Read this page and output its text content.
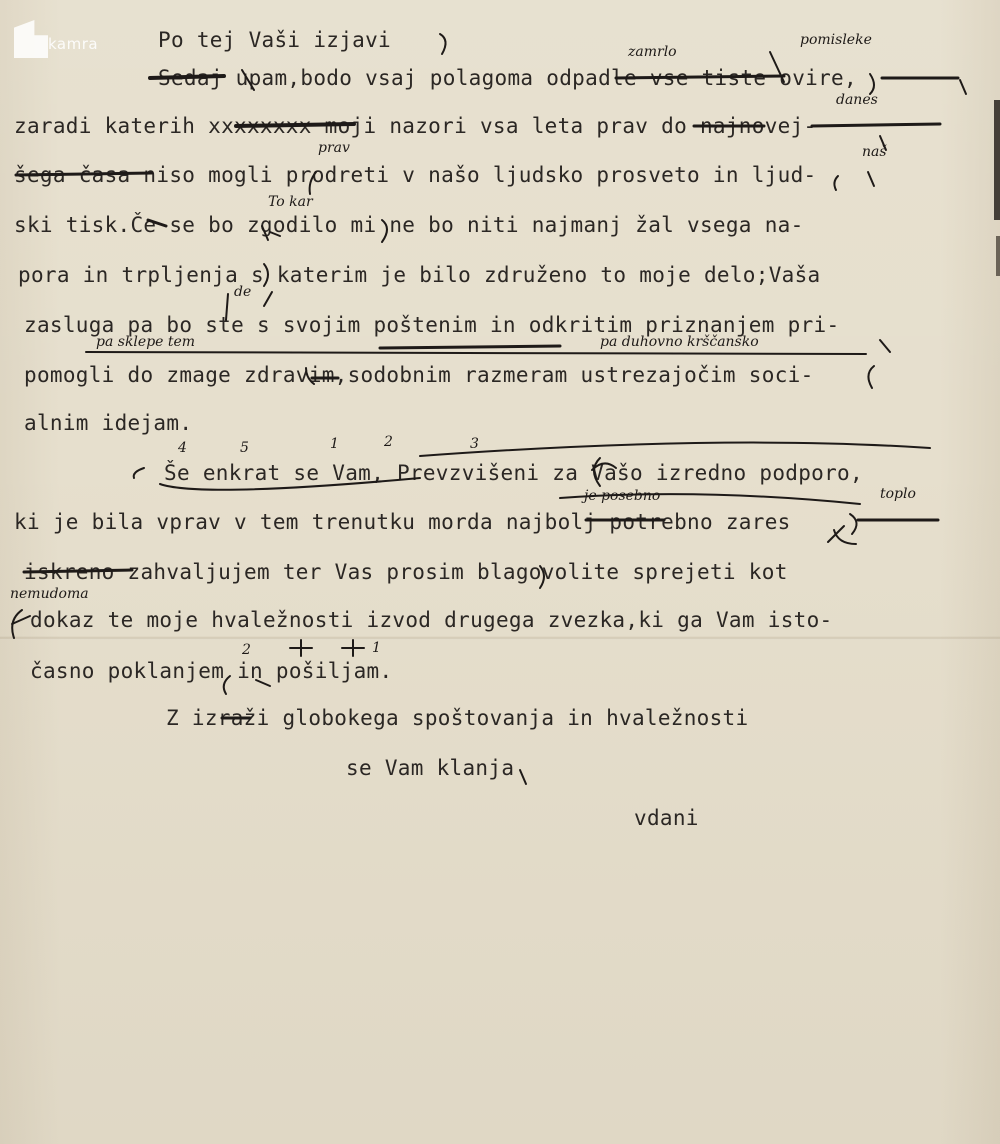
kamra	Po tej Vaši izjavi
Sedaj upam,bodo vsaj polagoma odpadle vse tiste ovire,
zaradi katerih xxxxxxxx moji nazori vsa leta prav do najnovej-
šega časa niso mogli prodreti v našo ljudsko prosveto in ljud-
ski tisk.Če se bo zgodilo mi ne bo niti najmanj žal vsega na-
pora in trpljenja s katerim je bilo združeno to moje delo;Vaša
zasluga pa bo ste s svojim poštenim in odkritim priznanjem pri-
pomogli do zmage zdravim,sodobnim razmeram ustrezajočim soci-
alnim idejam.
Še enkrat se Vam, Prevzvišeni za Vašo izredno podporo,
ki je bila vprav v tem trenutku morda najbolj potrebno zares
iskreno zahvaljujem ter Vas prosim blagovolite sprejeti kot
dokaz te moje hvaležnosti izvod drugega zvezka,ki ga Vam isto-
časno poklanjem in pošiljam.
Z izraži globokega spoštovanja in hvaležnosti
se Vam klanja
vdani
zamrlo
pomisleke
danes
prav	naš
To kar
de
pa sklepe tem	pa duhovno krščansko
4	5	1	2	3
je posebno	toplo
nemudoma
2	1
